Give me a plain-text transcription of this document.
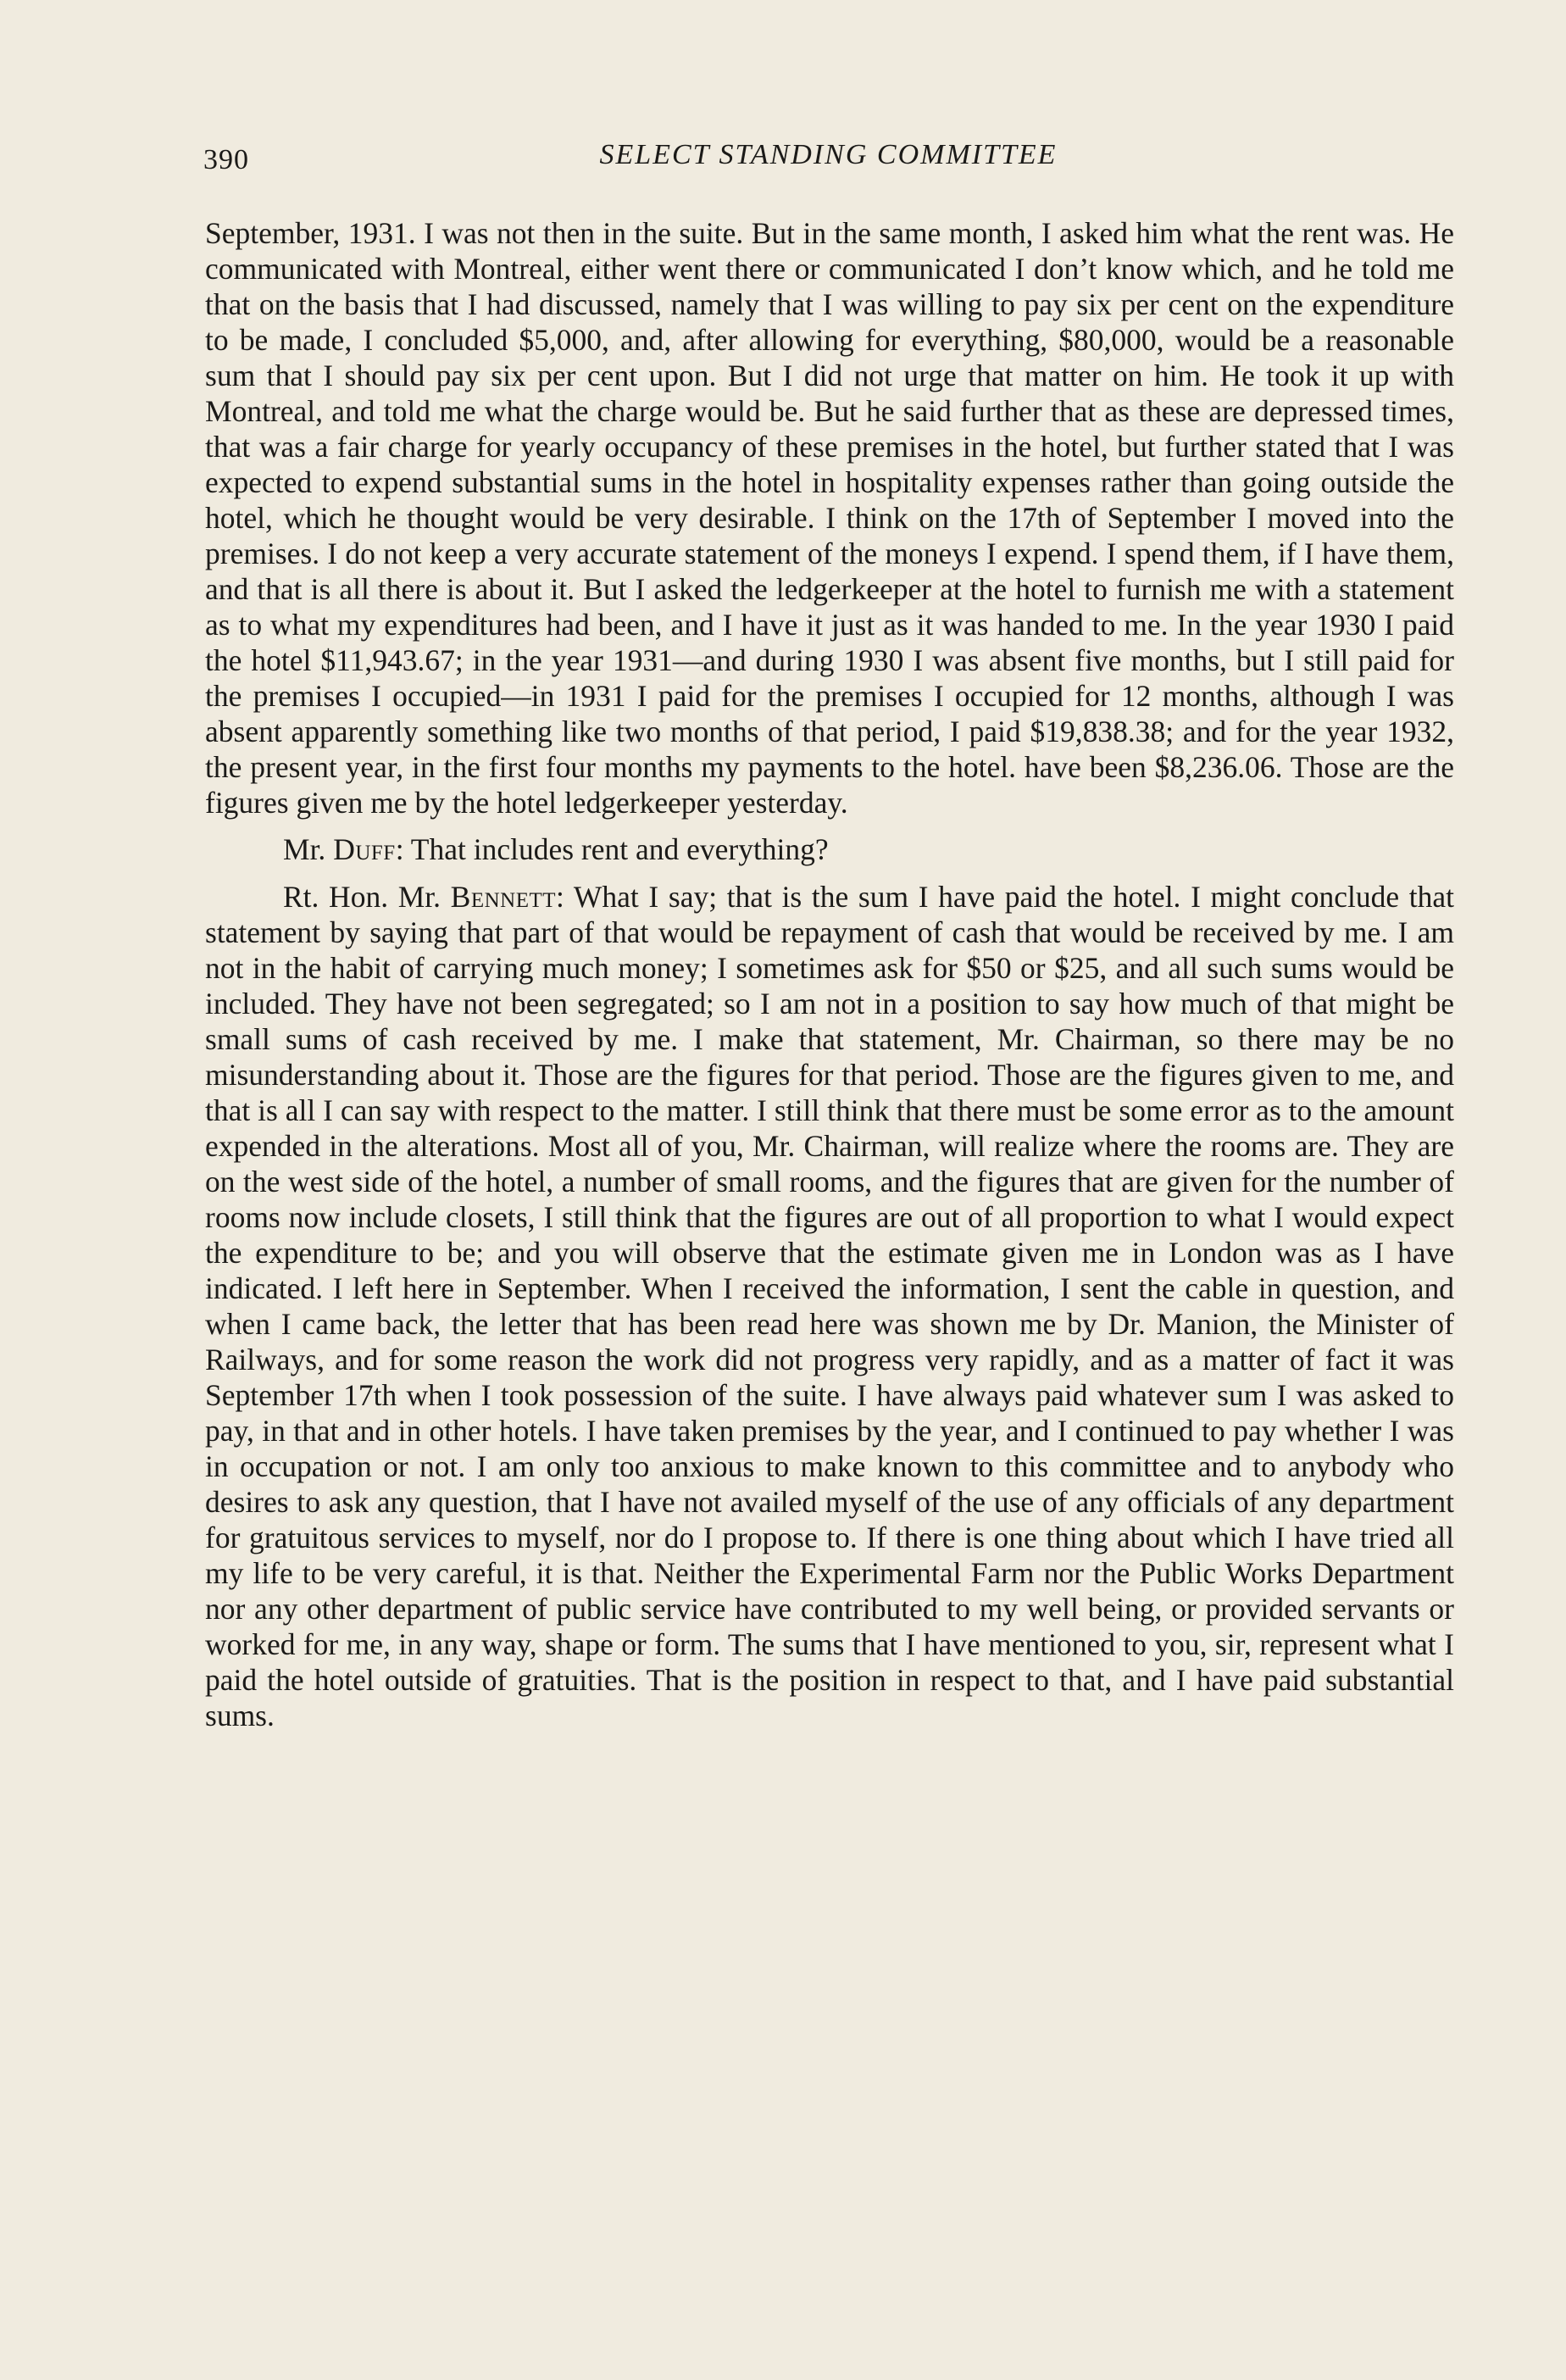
390	SELECT STANDING COMMITTEE

September, 1931. I was not then in the suite. But in the same month, I asked him what the rent was. He communicated with Montreal, either went there or communicated I don’t know which, and he told me that on the basis that I had discussed, namely that I was willing to pay six per cent on the expenditure to be made, I concluded $5,000, and, after allowing for everything, $80,000, would be a reasonable sum that I should pay six per cent upon. But I did not urge that matter on him. He took it up with Montreal, and told me what the charge would be. But he said further that as these are depressed times, that was a fair charge for yearly occupancy of these premises in the hotel, but further stated that I was expected to expend substantial sums in the hotel in hospitality expenses rather than going outside the hotel, which he thought would be very desirable. I think on the 17th of September I moved into the premises. I do not keep a very accurate statement of the moneys I expend. I spend them, if I have them, and that is all there is about it. But I asked the ledgerkeeper at the hotel to furnish me with a statement as to what my expenditures had been, and I have it just as it was handed to me. In the year 1930 I paid the hotel $11,943.67; in the year 1931—and during 1930 I was absent five months, but I still paid for the premises I occupied—in 1931 I paid for the premises I occupied for 12 months, although I was absent apparently something like two months of that period, I paid $19,838.38; and for the year 1932, the present year, in the first four months my payments to the hotel. have been $8,236.06. Those are the figures given me by the hotel ledgerkeeper yesterday.

Mr. Duff: That includes rent and everything?

Rt. Hon. Mr. Bennett: What I say; that is the sum I have paid the hotel. I might conclude that statement by saying that part of that would be repayment of cash that would be received by me. I am not in the habit of carrying much money; I sometimes ask for $50 or $25, and all such sums would be included. They have not been segregated; so I am not in a position to say how much of that might be small sums of cash received by me. I make that statement, Mr. Chairman, so there may be no misunderstanding about it. Those are the figures for that period. Those are the figures given to me, and that is all I can say with respect to the matter. I still think that there must be some error as to the amount expended in the alterations. Most all of you, Mr. Chairman, will realize where the rooms are. They are on the west side of the hotel, a number of small rooms, and the figures that are given for the number of rooms now include closets, I still think that the figures are out of all proportion to what I would expect the expenditure to be; and you will observe that the estimate given me in London was as I have indicated. I left here in September. When I received the information, I sent the cable in question, and when I came back, the letter that has been read here was shown me by Dr. Manion, the Minister of Railways, and for some reason the work did not progress very rapidly, and as a matter of fact it was September 17th when I took possession of the suite. I have always paid whatever sum I was asked to pay, in that and in other hotels. I have taken premises by the year, and I continued to pay whether I was in occupation or not. I am only too anxious to make known to this committee and to anybody who desires to ask any question, that I have not availed myself of the use of any officials of any department for gratuitous services to myself, nor do I propose to. If there is one thing about which I have tried all my life to be very careful, it is that. Neither the Experimental Farm nor the Public Works Department nor any other department of public service have contributed to my well being, or provided servants or worked for me, in any way, shape or form. The sums that I have mentioned to you, sir, represent what I paid the hotel outside of gratuities. That is the position in respect to that, and I have paid substantial sums.
